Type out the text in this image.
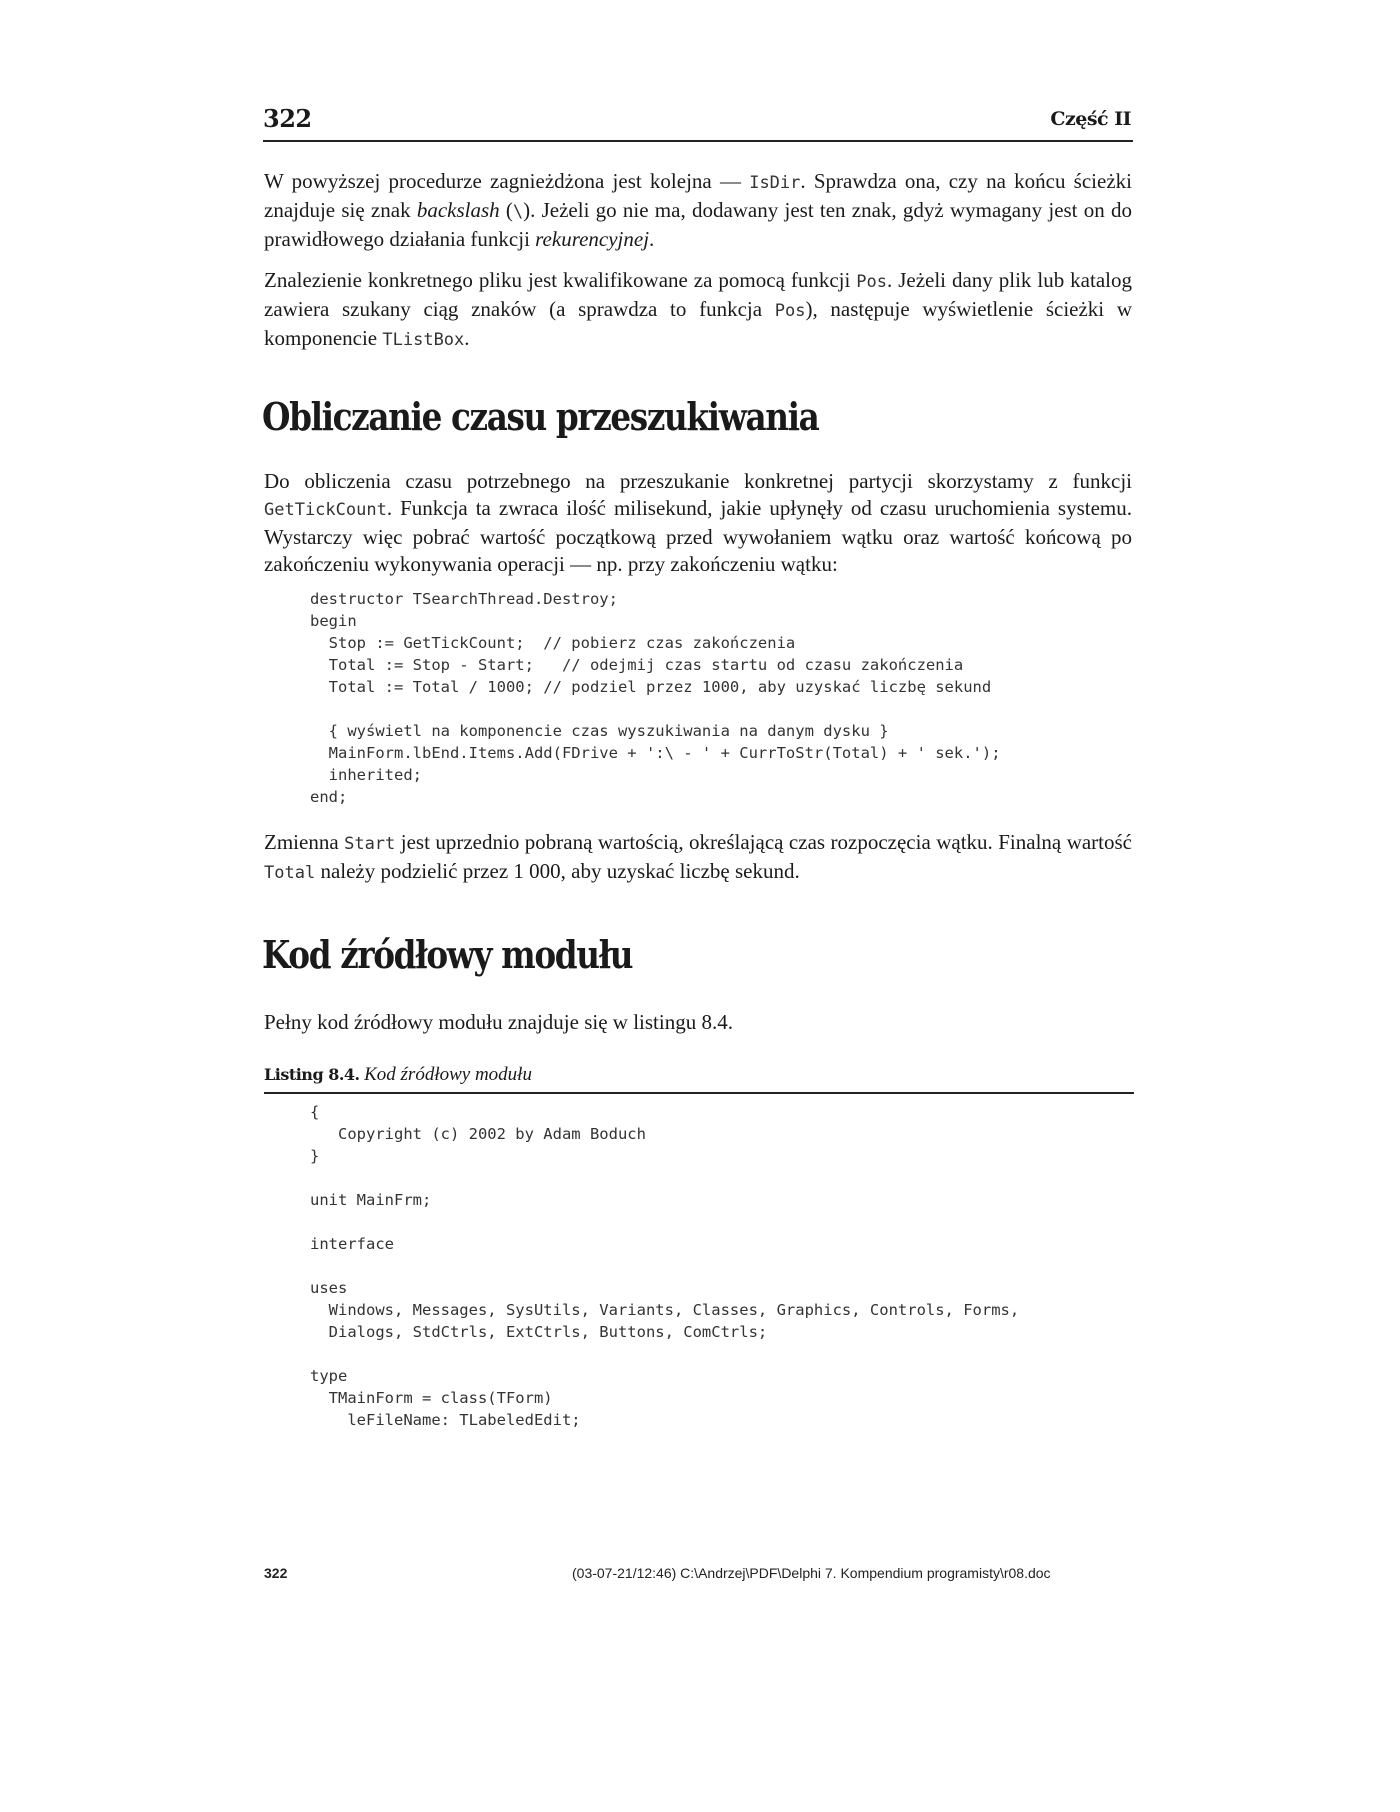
322	Część II

W powyższej procedurze zagnieżdżona jest kolejna — IsDir. Sprawdza ona, czy na końcu ścieżki znajduje się znak backslash (\). Jeżeli go nie ma, dodawany jest ten znak, gdyż wymagany jest on do prawidłowego działania funkcji rekurencyjnej.

Znalezienie konkretnego pliku jest kwalifikowane za pomocą funkcji Pos. Jeżeli dany plik lub katalog zawiera szukany ciąg znaków (a sprawdza to funkcja Pos), następuje wyświetlenie ścieżki w komponencie TListBox.

Obliczanie czasu przeszukiwania

Do obliczenia czasu potrzebnego na przeszukanie konkretnej partycji skorzystamy z funkcji GetTickCount. Funkcja ta zwraca ilość milisekund, jakie upłynęły od czasu uruchomienia systemu. Wystarczy więc pobrać wartość początkową przed wywołaniem wątku oraz wartość końcową po zakończeniu wykonywania operacji — np. przy zakończeniu wątku:

destructor TSearchThread.Destroy;
begin
Stop := GetTickCount;  // pobierz czas zakończenia
Total := Stop - Start;   // odejmij czas startu od czasu zakończenia
Total := Total / 1000; // podziel przez 1000, aby uzyskać liczbę sekund

{ wyświetl na komponencie czas wyszukiwania na danym dysku }
MainForm.lbEnd.Items.Add(FDrive + ':\ - ' + CurrToStr(Total) + ' sek.');
inherited;
end;

Zmienna Start jest uprzednio pobraną wartością, określającą czas rozpoczęcia wątku. Finalną wartość Total należy podzielić przez 1 000, aby uzyskać liczbę sekund.

Kod źródłowy modułu

Pełny kod źródłowy modułu znajduje się w listingu 8.4.

Listing 8.4. Kod źródłowy modułu
{
Copyright (c) 2002 by Adam Boduch
}

unit MainFrm;

interface

uses
Windows, Messages, SysUtils, Variants, Classes, Graphics, Controls, Forms,
Dialogs, StdCtrls, ExtCtrls, Buttons, ComCtrls;

type
TMainForm = class(TForm)
leFileName: TLabeledEdit;
322	(03-07-21/12:46) C:\Andrzej\PDF\Delphi 7. Kompendium programisty\r08.doc
